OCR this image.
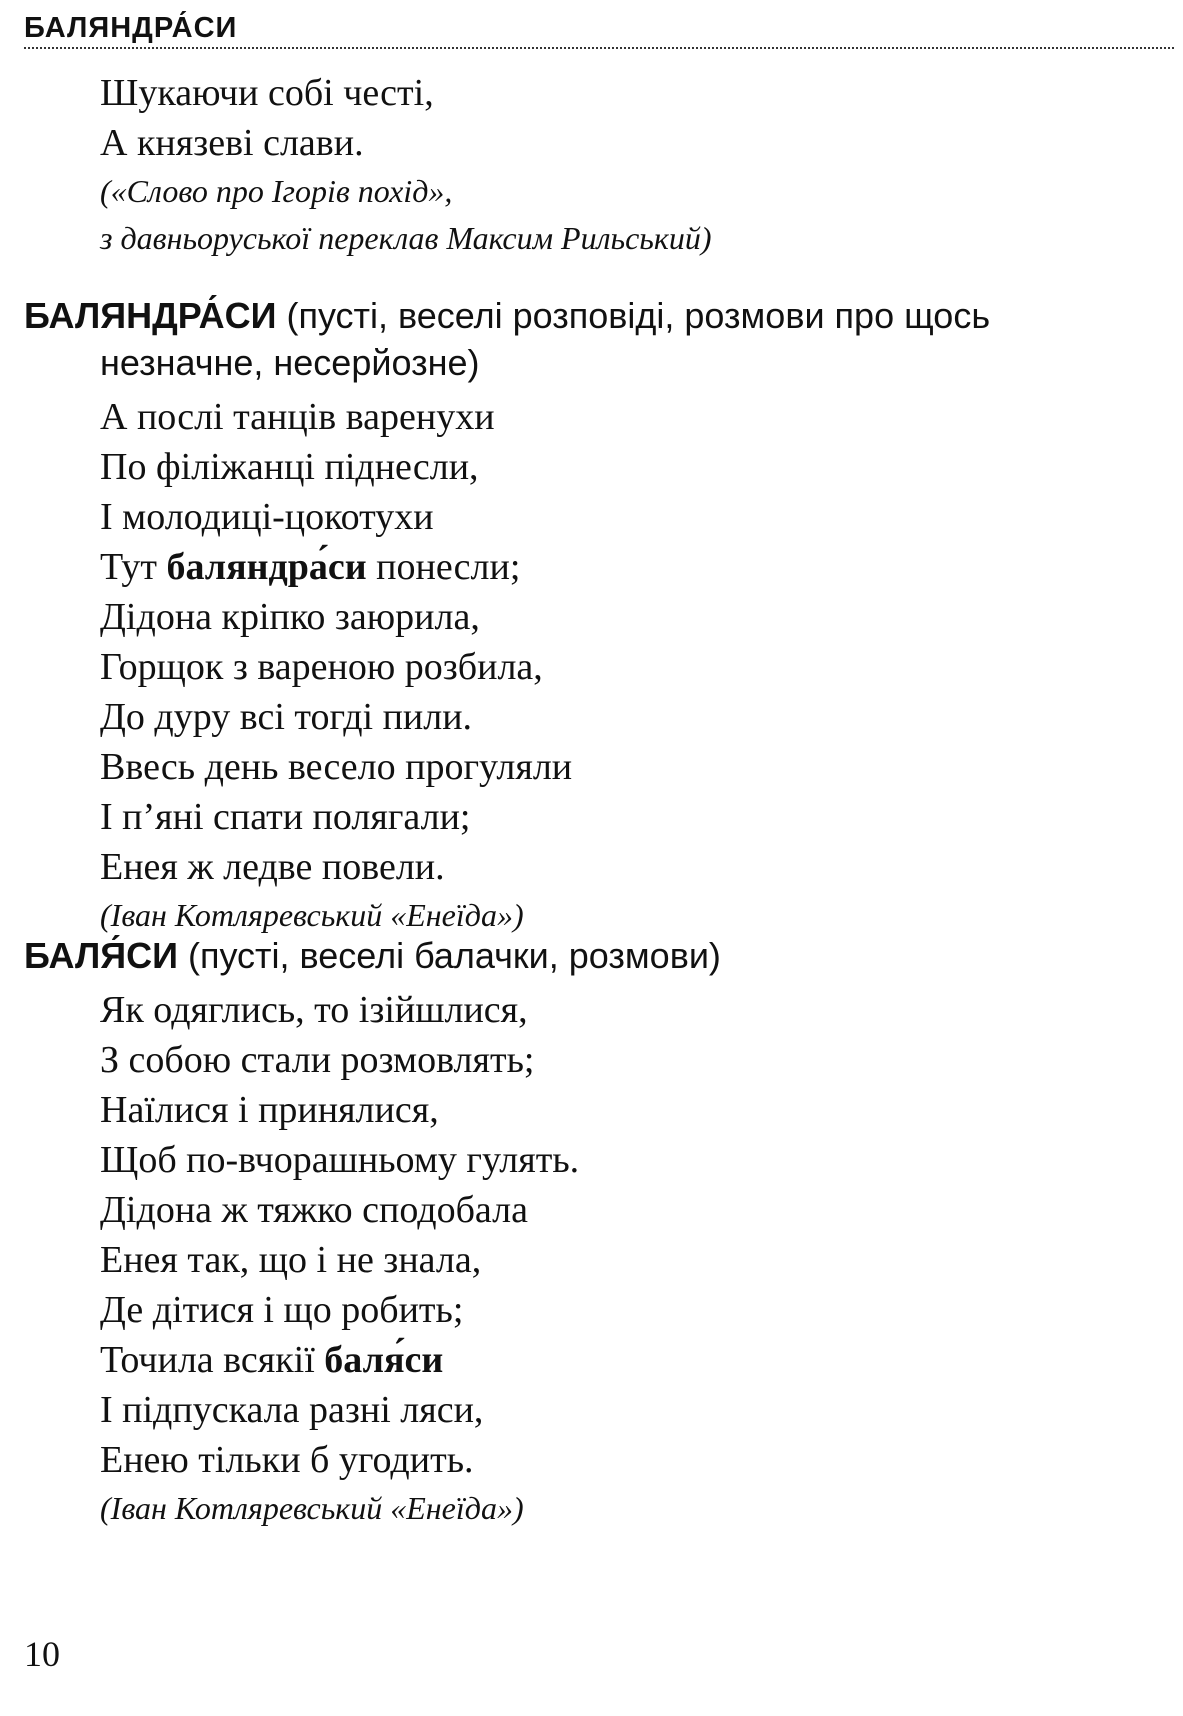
БАЛЯНДРА́СИ
Шукаючи собі честі,
А князеві слави.
(«Слово про Ігорів похід»,
з давньоруської переклав Максим Рильський)
БАЛЯНДРА́СИ (пусті, веселі розповіді, розмови про щось
незначне, несерйозне)
А послі танців варенухи
По філіжанці піднесли,
І молодиці-цокотухи
Тут баляндра́си понесли;
Дідона кріпко заюрила,
Горщок з вареною розбила,
До дуру всі тогді пили.
Ввесь день весело прогуляли
І п’яні спати полягали;
Енея ж ледве повели.
(Іван Котляревський «Енеїда»)
БАЛЯ́СИ (пусті, веселі балачки, розмови)
Як одяглись, то ізійшлися,
З собою стали розмовлять;
Наїлися і принялися,
Щоб по-вчорашньому гулять.
Дідона ж тяжко сподобала
Енея так, що і не знала,
Де дітися і що робить;
Точила всякії баля́си
І підпускала разні ляси,
Енею тільки б угодить.
(Іван Котляревський «Енеїда»)
10
